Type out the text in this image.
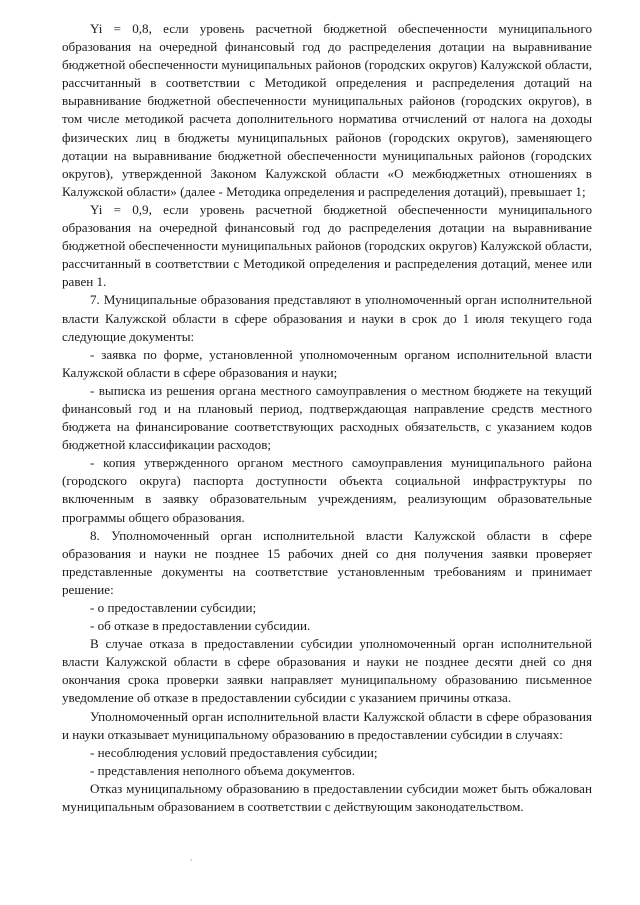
Yi = 0,8, если уровень расчетной бюджетной обеспеченности муниципального образования на очередной финансовый год до распределения дотации на выравнивание бюджетной обеспеченности муниципальных районов (городских округов) Калужской области, рассчитанный в соответствии с Методикой определения и распределения дотаций на выравнивание бюджетной обеспеченности муниципальных районов (городских округов), в том числе методикой расчета дополнительного норматива отчислений от налога на доходы физических лиц в бюджеты муниципальных районов (городских округов), заменяющего дотации на выравнивание бюджетной обеспеченности муниципальных районов (городских округов), утвержденной Законом Калужской области «О межбюджетных отношениях в Калужской области» (далее - Методика определения и распределения дотаций), превышает 1;

Yi = 0,9, если уровень расчетной бюджетной обеспеченности муниципального образования на очередной финансовый год до распределения дотации на выравнивание бюджетной обеспеченности муниципальных районов (городских округов) Калужской области, рассчитанный в соответствии с Методикой определения и распределения дотаций, менее или равен 1.

7. Муниципальные образования представляют в уполномоченный орган исполнительной власти Калужской области в сфере образования и науки в срок до 1 июля текущего года следующие документы:

- заявка по форме, установленной уполномоченным органом исполнительной власти Калужской области в сфере образования и науки;

- выписка из решения органа местного самоуправления о местном бюджете на текущий финансовый год и на плановый период, подтверждающая направление средств местного бюджета на финансирование соответствующих расходных обязательств, с указанием кодов бюджетной классификации расходов;

- копия утвержденного органом местного самоуправления муниципального района (городского округа) паспорта доступности объекта социальной инфраструктуры по включенным в заявку образовательным учреждениям, реализующим образовательные программы общего образования.

8. Уполномоченный орган исполнительной власти Калужской области в сфере образования и науки не позднее 15 рабочих дней со дня получения заявки проверяет представленные документы на соответствие установленным требованиям и принимает решение:

- о предоставлении субсидии;

- об отказе в предоставлении субсидии.

В случае отказа в предоставлении субсидии уполномоченный орган исполнительной власти Калужской области в сфере образования и науки не позднее десяти дней со дня окончания срока проверки заявки направляет муниципальному образованию письменное уведомление об отказе в предоставлении субсидии с указанием причины отказа.

Уполномоченный орган исполнительной власти Калужской области в сфере образования и науки отказывает муниципальному образованию в предоставлении субсидии в случаях:

- несоблюдения условий предоставления субсидии;

- представления неполного объема документов.

Отказ муниципальному образованию в предоставлении субсидии может быть обжалован муниципальным образованием в соответствии с действующим законодательством.

ᵥ
